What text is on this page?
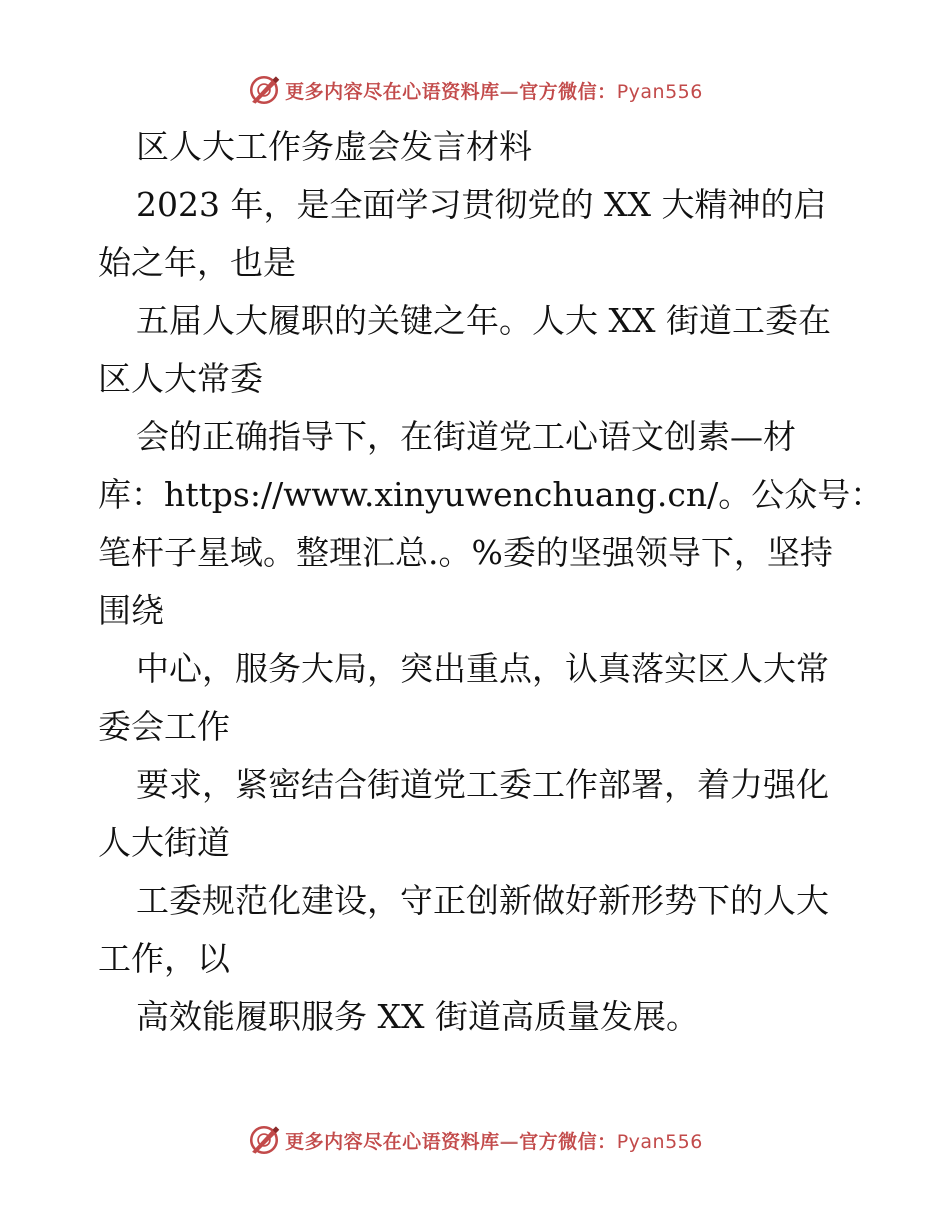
更多内容尽在心语资料库—官方微信：Pyan556
区人大工作务虚会发言材料
2023 年，是全面学习贯彻党的 XX 大精神的启
始之年，也是
五届人大履职的关键之年。人大 XX 街道工委在
区人大常委
会的正确指导下，在街道党工心语文创素—材
库：https://www.xinyuwenchuang.cn/。公众号：
笔杆子星域。整理汇总.。%委的坚强领导下，坚持
围绕
中心，服务大局，突出重点，认真落实区人大常
委会工作
要求，紧密结合街道党工委工作部署，着力强化
人大街道
工委规范化建设，守正创新做好新形势下的人大
工作，以
高效能履职服务 XX 街道高质量发展。
更多内容尽在心语资料库—官方微信：Pyan556
